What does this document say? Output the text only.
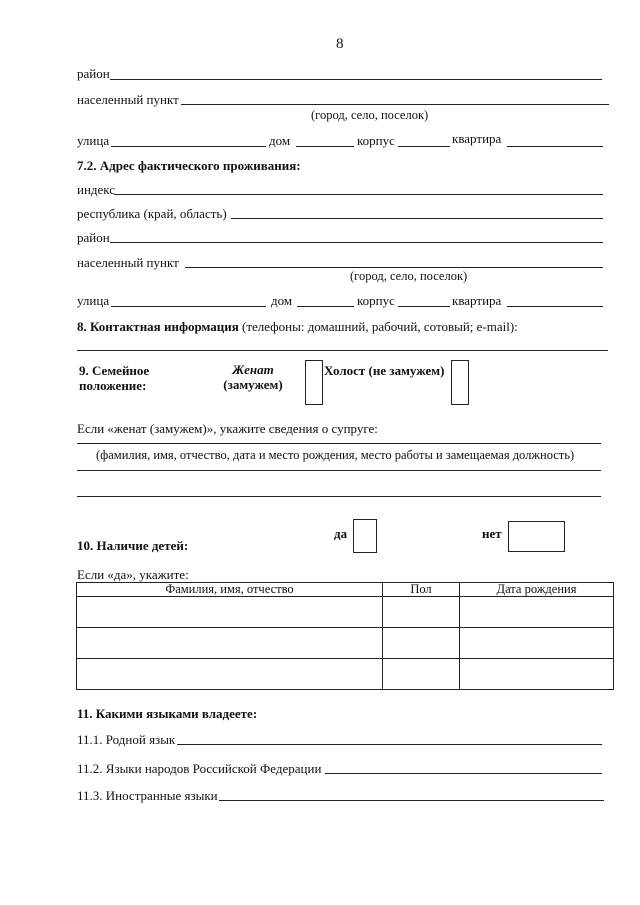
8
район
населенный пункт
(город, село, поселок)
улица	дом	корпус	квартира
7.2. Адрес фактического проживания:
индекс
республика (край, область)
район
населенный пункт
(город, село, поселок)
улица	дом	корпус	квартира
8. Контактная информация (телефоны: домашний, рабочий, сотовый; e-mail):
9. Семейное
положение:
Женат
(замужем)
Холост (не замужем)
Если «женат (замужем)», укажите сведения о супруге:
(фамилия, имя, отчество, дата и место рождения, место работы и замещаемая должность)
да	нет
10. Наличие детей:
Если «да», укажите:
Фамилия, имя, отчество	Пол	Дата рождения

11. Какими языками владеете:
11.1. Родной язык
11.2. Языки народов Российской Федерации
11.3. Иностранные языки
